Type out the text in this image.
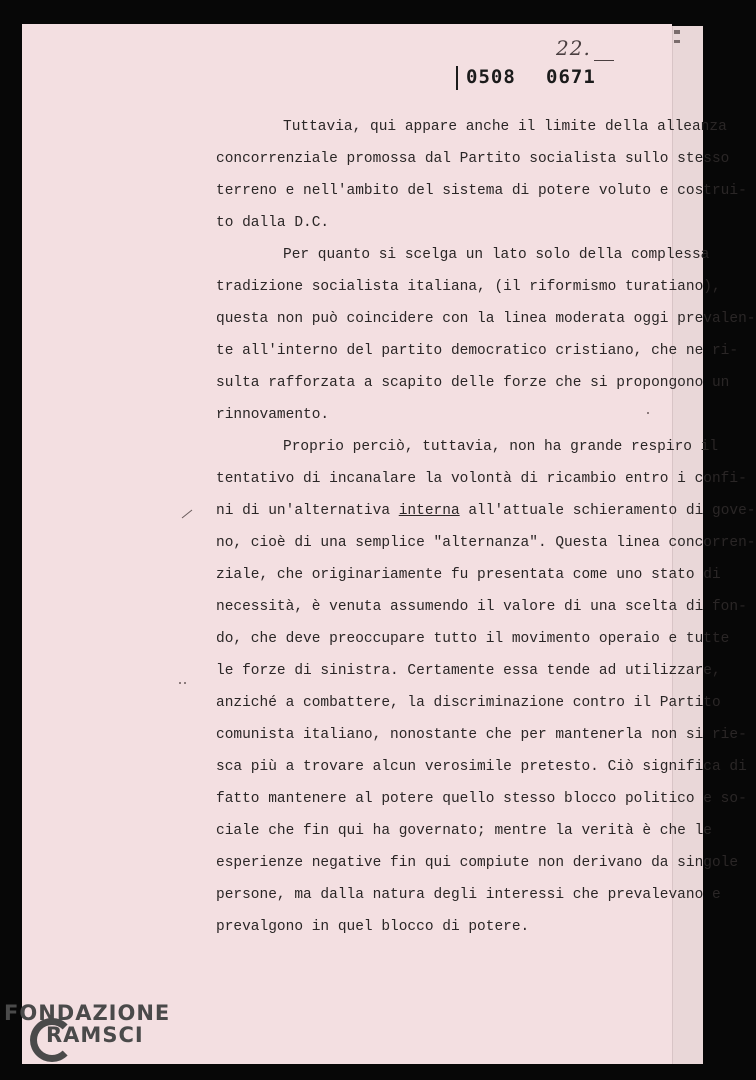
22.
0508 0671
Tuttavia, qui appare anche il limite della alleanza
concorrenziale promossa dal Partito socialista sullo stesso
terreno e nell'ambito del sistema di potere voluto e costrui-
to dalla D.C.
Per quanto si scelga un lato solo della complessa
tradizione socialista italiana, (il riformismo turatiano),
questa non può coincidere con la linea moderata oggi prevalen-
te all'interno del partito democratico cristiano, che ne ri-
sulta rafforzata a scapito delle forze che si propongono un
rinnovamento.
Proprio perciò, tuttavia, non ha grande respiro il
tentativo di incanalare la volontà di ricambio entro i confi-
ni di un'alternativa interna all'attuale schieramento di gove-
no, cioè di una semplice "alternanza". Questa linea concorren-
ziale, che originariamente fu presentata come uno stato di
necessità, è venuta assumendo il valore di una scelta di fon-
do, che deve preoccupare tutto il movimento operaio e tutte
le forze di sinistra. Certamente essa tende ad utilizzare,
anziché a combattere, la discriminazione contro il Partito
comunista italiano, nonostante che per mantenerla non si rie-
sca più a trovare alcun verosimile pretesto. Ciò significa di
fatto mantenere al potere quello stesso blocco politico e so-
ciale che fin qui ha governato; mentre la verità è che le
esperienze negative fin qui compiute non derivano da singole
persone, ma dalla natura degli interessi che prevalevano e
prevalgono in quel blocco di potere.
FONDAZIONE
RAMSCI
